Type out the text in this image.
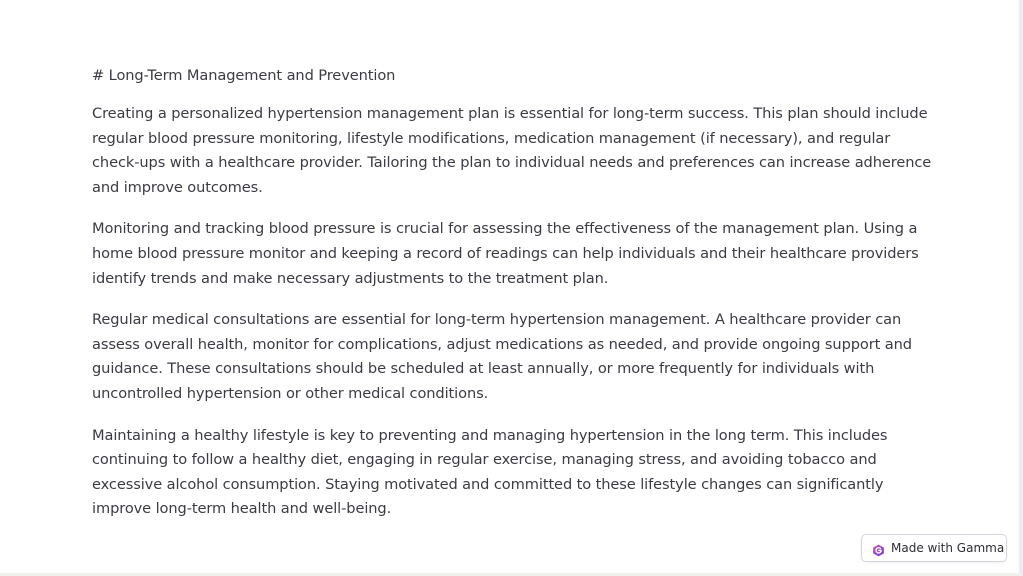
# Long-Term Management and Prevention

Creating a personalized hypertension management plan is essential for long-term success. This plan should include regular blood pressure monitoring, lifestyle modifications, medication management (if necessary), and regular check-ups with a healthcare provider. Tailoring the plan to individual needs and preferences can increase adherence and improve outcomes.

Monitoring and tracking blood pressure is crucial for assessing the effectiveness of the management plan. Using a home blood pressure monitor and keeping a record of readings can help individuals and their healthcare providers identify trends and make necessary adjustments to the treatment plan.

Regular medical consultations are essential for long-term hypertension management. A healthcare provider can assess overall health, monitor for complications, adjust medications as needed, and provide ongoing support and guidance. These consultations should be scheduled at least annually, or more frequently for individuals with uncontrolled hypertension or other medical conditions.

Maintaining a healthy lifestyle is key to preventing and managing hypertension in the long term. This includes continuing to follow a healthy diet, engaging in regular exercise, managing stress, and avoiding tobacco and excessive alcohol consumption. Staying motivated and committed to these lifestyle changes can significantly improve long-term health and well-being.

Made with Gamma
